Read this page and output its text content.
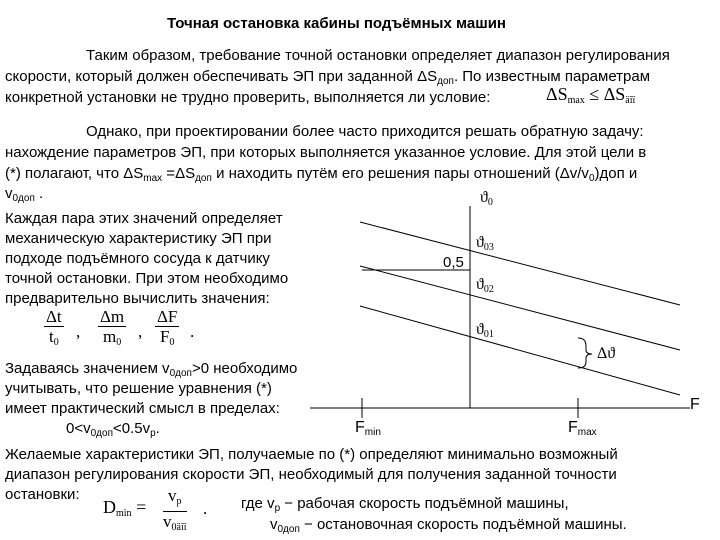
Точная остановка кабины подъёмных машин
Таким образом, требование точной остановки определяет диапазон регулирования
скорости, который должен обеспечивать ЭП при заданной $\Delta S_{доп}$. По известным параметрам
конкретной установки не трудно проверить, выполняется ли условие:	$\Delta S_{max} \le \Delta S_{äîï}$
Однако, при проектировании более часто приходится решать обратную задачу:
нахождение параметров ЭП, при которых выполняется указанное условие. Для этой цели в
(*) полагают, что $\Delta S_{max} =\Delta S_{доп}$ и находить путём его решения пары отношений $(\Delta v/v_0)доп$ и
$v_{0доп}$ .
Каждая пара этих значений определяет
механическую характеристику ЭП при
подходе подъёмного сосуда к датчику
точной остановки. При этом необходимо
предварительно вычислить значения:
$\frac{\Delta t}{t_0}$ , $\frac{\Delta m}{m_0}$ , $\frac{\Delta F}{F_0}$ .
Задаваясь значением $v_{0доп}>0$ необходимо
учитывать, что решение уравнения (*)
имеет практический смысл в пределах:
$0<v_{0доп}<0.5v_р$.
$ϑ_0$
0,5
$ϑ_{03}$
$ϑ_{02}$
$ϑ_{01}$
Δϑ
F
$F_{min}$	$F_{max}$
Желаемые характеристики ЭП, получаемые по (*) определяют минимально возможный
диапазон регулирования скорости ЭП, необходимый для получения заданной точности
остановки:
$D_{min}$ =
$v_p$
$v_{0äîï}$
. где $v_р$ − рабочая скорость подъёмной машины,
$v_{0доп}$ − остановочная скорость подъёмной машины.
